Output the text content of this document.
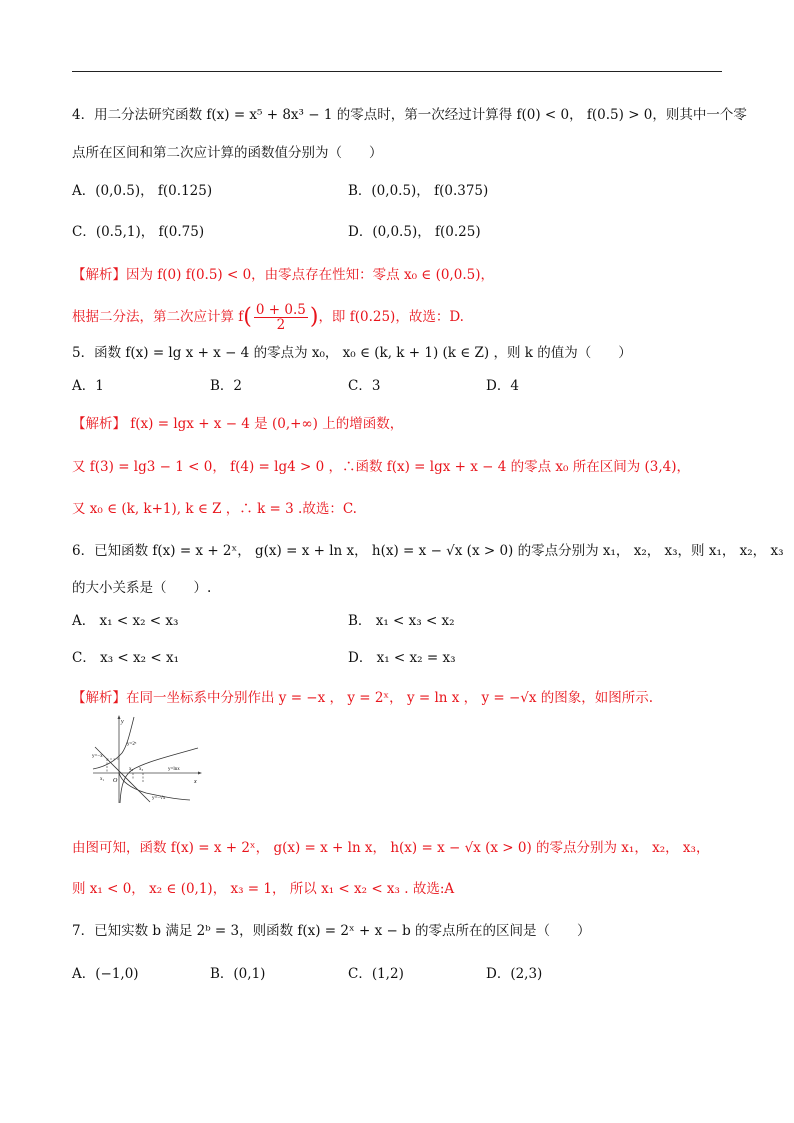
4．用二分法研究函数 f(x) = x⁵ + 8x³ − 1 的零点时，第一次经过计算得 f(0) < 0， f(0.5) > 0，则其中一个零
点所在区间和第二次应计算的函数值分别为（　　）
A．(0,0.5)， f(0.125)	B．(0,0.5)， f(0.375)
C．(0.5,1)， f(0.75)	D．(0,0.5)， f(0.25)
【解析】因为 f(0) f(0.5) < 0，由零点存在性知：零点 x₀ ∈ (0,0.5)，
根据二分法，第二次应计算 $f( \frac{0 + 0.5}{2}$ )，即 f(0.25)，故选：D.
5．函数 f(x) = lg x + x − 4 的零点为 x₀， x₀ ∈ (k, k + 1) (k ∈ Z) ，则 k 的值为（　　）
A．1	B．2	C．3	D．4
【解析】 f(x) = lgx + x − 4 是 (0,+∞) 上的增函数，
又 f(3) = lg3 − 1 < 0， f(4) = lg4 > 0 ，∴函数 f(x) = lgx + x − 4 的零点 x₀ 所在区间为 (3,4)，
又 x₀ ∈ (k, k+1), k ∈ Z ，∴ k = 3 .故选：C.
6．已知函数 f(x) = x + 2ˣ， g(x) = x + ln x， h(x) = x − √x (x > 0) 的零点分别为 x₁， x₂， x₃，则 x₁， x₂， x₃
的大小关系是（　　）.
A． x₁ < x₂ < x₃	B． x₁ < x₃ < x₂
C． x₃ < x₂ < x₁	D． x₁ < x₂ = x₃
【解析】在同一坐标系中分别作出 y = −x ， y = 2ˣ， y = ln x ， y = −√x 的图象，如图所示.
y
x
O
y=−x
y=2ˣ
y=lnx
y=−√x
x₁
x₂ x₃
由图可知，函数 f(x) = x + 2ˣ， g(x) = x + ln x， h(x) = x − √x (x > 0) 的零点分别为 x₁， x₂， x₃，
则 x₁ < 0， x₂ ∈ (0,1)， x₃ = 1， 所以 x₁ < x₂ < x₃ . 故选:A
7．已知实数 b 满足 2ᵇ = 3，则函数 f(x) = 2ˣ + x − b 的零点所在的区间是（　　）
A．(−1,0)	B．(0,1)	C．(1,2)	D．(2,3)
